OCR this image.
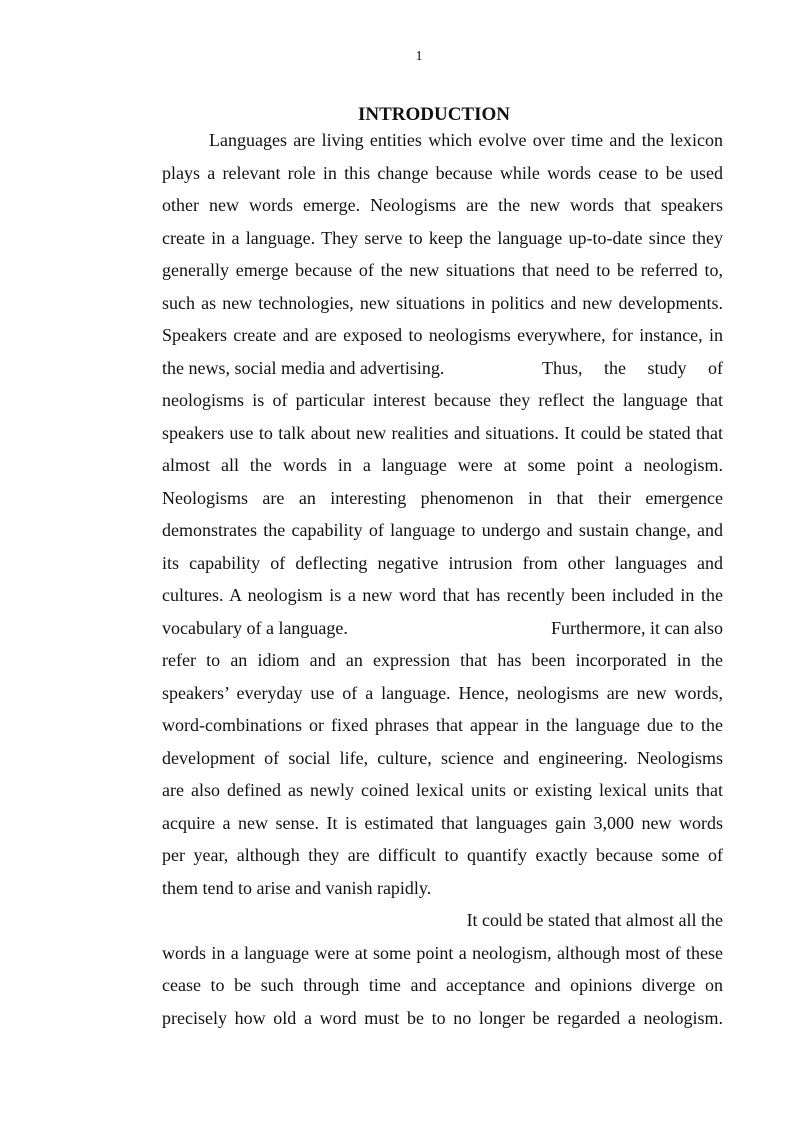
1
INTRODUCTION
Languages are living entities which evolve over time and the lexicon
plays a relevant role in this change because while words cease to be used
other new words emerge. Neologisms are the new words that speakers
create in a language. They serve to keep the language up-to-date since they
generally emerge because of the new situations that need to be referred to,
such as new technologies, new situations in politics and new developments.
Speakers create and are exposed to neologisms everywhere, for instance, in
the news, social media and advertising.	Thus, the study of
neologisms is of particular interest because they reflect the language that
speakers use to talk about new realities and situations. It could be stated that
almost all the words in a language were at some point a neologism.
Neologisms are an interesting phenomenon in that their emergence
demonstrates the capability of language to undergo and sustain change, and
its capability of deflecting negative intrusion from other languages and
cultures. A neologism is a new word that has recently been included in the
vocabulary of a language.	Furthermore, it can also
refer to an idiom and an expression that has been incorporated in the
speakers’ everyday use of a language. Hence, neologisms are new words,
word-combinations or fixed phrases that appear in the language due to the
development of social life, culture, science and engineering. Neologisms
are also defined as newly coined lexical units or existing lexical units that
acquire a new sense. It is estimated that languages gain 3,000 new words
per year, although they are difficult to quantify exactly because some of
them tend to arise and vanish rapidly.
It could be stated that almost all the
words in a language were at some point a neologism, although most of these
cease to be such through time and acceptance and opinions diverge on
precisely how old a word must be to no longer be regarded a neologism.
